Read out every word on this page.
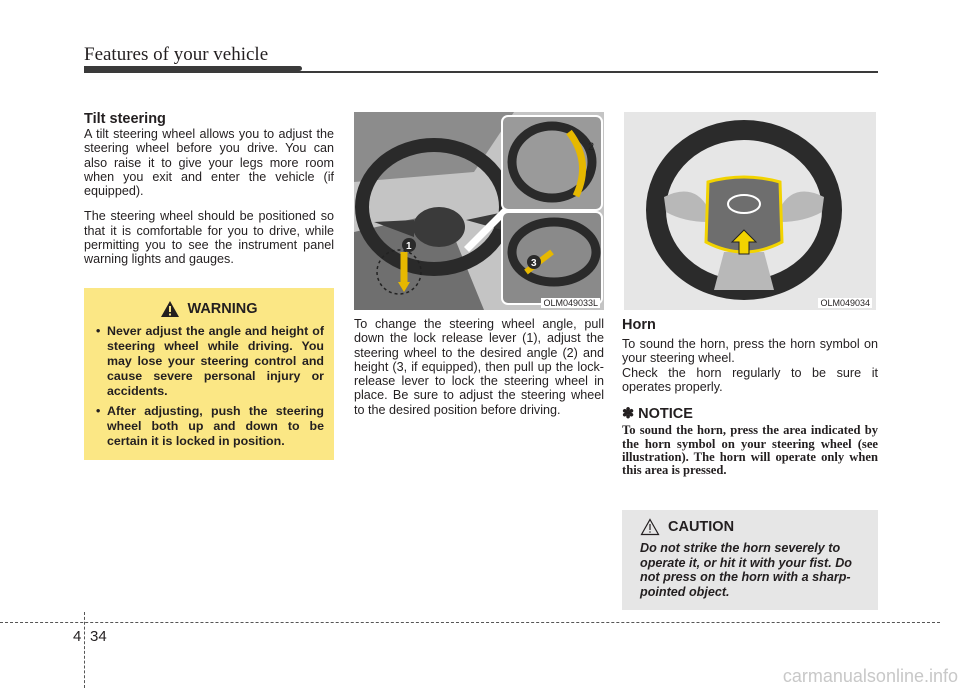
Features of your vehicle
Tilt steering

A tilt steering wheel allows you to adjust the steering wheel before you drive. You can also raise it to give your legs more room when you exit and enter the vehicle (if equipped).

The steering wheel should be positioned so that it is comfortable for you to drive, while permitting you to see the instrument panel warning lights and gauges.

WARNING
• Never adjust the angle and height of steering wheel while driving. You may lose your steering control and cause severe personal injury or accidents.
• After adjusting, push the steering wheel both up and down to be certain it is locked in position.
1
2
3
OLM049033L

To change the steering wheel angle, pull down the lock release lever (1), adjust the steering wheel to the desired angle (2) and height (3, if equipped), then pull up the lock-release lever to lock the steering wheel in place. Be sure to adjust the steering wheel to the desired position before driving.

OLM049034
Horn

To sound the horn, press the horn symbol on your steering wheel.

Check the horn regularly to be sure it operates properly.

✽ NOTICE

To sound the horn, press the area indicated by the horn symbol on your steering wheel (see illustration). The horn will operate only when this area is pressed.

CAUTION

Do not strike the horn severely to operate it, or hit it with your fist. Do not press on the horn with a sharp-pointed object.

4 34
carmanualsonline.info
